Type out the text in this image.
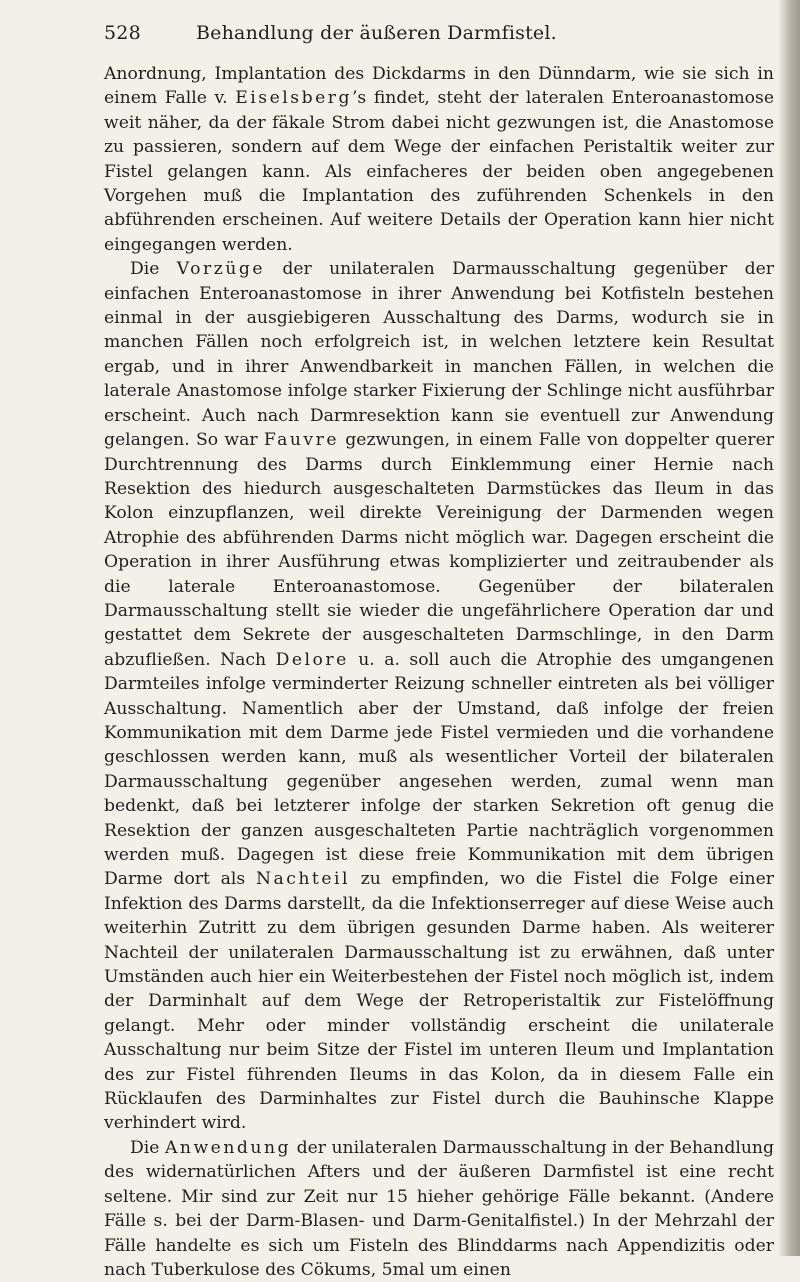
528	Behandlung der äußeren Darmfistel.

Anordnung, Implantation des Dickdarms in den Dünndarm, wie sie sich in einem Falle v. Eiselsberg’s findet, steht der lateralen Enteroanastomose weit näher, da der fäkale Strom dabei nicht gezwungen ist, die Anastomose zu passieren, sondern auf dem Wege der einfachen Peristaltik weiter zur Fistel gelangen kann. Als einfacheres der beiden oben angegebenen Vorgehen muß die Implantation des zuführenden Schenkels in den abführenden erscheinen. Auf weitere Details der Operation kann hier nicht eingegangen werden.

Die Vorzüge der unilateralen Darmausschaltung gegenüber der einfachen Enteroanastomose in ihrer Anwendung bei Kotfisteln bestehen einmal in der ausgiebigeren Ausschaltung des Darms, wodurch sie in manchen Fällen noch erfolgreich ist, in welchen letztere kein Resultat ergab, und in ihrer Anwendbarkeit in manchen Fällen, in welchen die laterale Anastomose infolge starker Fixierung der Schlinge nicht ausführbar erscheint. Auch nach Darmresektion kann sie eventuell zur Anwendung gelangen. So war Fauvre gezwungen, in einem Falle von doppelter querer Durchtrennung des Darms durch Einklemmung einer Hernie nach Resektion des hiedurch ausgeschalteten Darmstückes das Ileum in das Kolon einzupflanzen, weil direkte Vereinigung der Darmenden wegen Atrophie des abführenden Darms nicht möglich war. Dagegen erscheint die Operation in ihrer Ausführung etwas komplizierter und zeitraubender als die laterale Enteroanastomose. Gegenüber der bilateralen Darmausschaltung stellt sie wieder die ungefährlichere Operation dar und gestattet dem Sekrete der ausgeschalteten Darmschlinge, in den Darm abzufließen. Nach Delore u. a. soll auch die Atrophie des umgangenen Darmteiles infolge verminderter Reizung schneller eintreten als bei völliger Ausschaltung. Namentlich aber der Umstand, daß infolge der freien Kommunikation mit dem Darme jede Fistel vermieden und die vorhandene geschlossen werden kann, muß als wesentlicher Vorteil der bilateralen Darmausschaltung gegenüber angesehen werden, zumal wenn man bedenkt, daß bei letzterer infolge der starken Sekretion oft genug die Resektion der ganzen ausgeschalteten Partie nachträglich vorgenommen werden muß. Dagegen ist diese freie Kommunikation mit dem übrigen Darme dort als Nachteil zu empfinden, wo die Fistel die Folge einer Infektion des Darms darstellt, da die Infektionserreger auf diese Weise auch weiterhin Zutritt zu dem übrigen gesunden Darme haben. Als weiterer Nachteil der unilateralen Darmausschaltung ist zu erwähnen, daß unter Umständen auch hier ein Weiterbestehen der Fistel noch möglich ist, indem der Darminhalt auf dem Wege der Retroperistaltik zur Fistelöffnung gelangt. Mehr oder minder vollständig erscheint die unilaterale Ausschaltung nur beim Sitze der Fistel im unteren Ileum und Implantation des zur Fistel führenden Ileums in das Kolon, da in diesem Falle ein Rücklaufen des Darminhaltes zur Fistel durch die Bauhinsche Klappe verhindert wird.

Die Anwendung der unilateralen Darmausschaltung in der Behandlung des widernatürlichen Afters und der äußeren Darmfistel ist eine recht seltene. Mir sind zur Zeit nur 15 hieher gehörige Fälle bekannt. (Andere Fälle s. bei der Darm-Blasen- und Darm-Genitalfistel.) In der Mehrzahl der Fälle handelte es sich um Fisteln des Blinddarms nach Appendizitis oder nach Tuberkulose des Cökums, 5mal um einen
